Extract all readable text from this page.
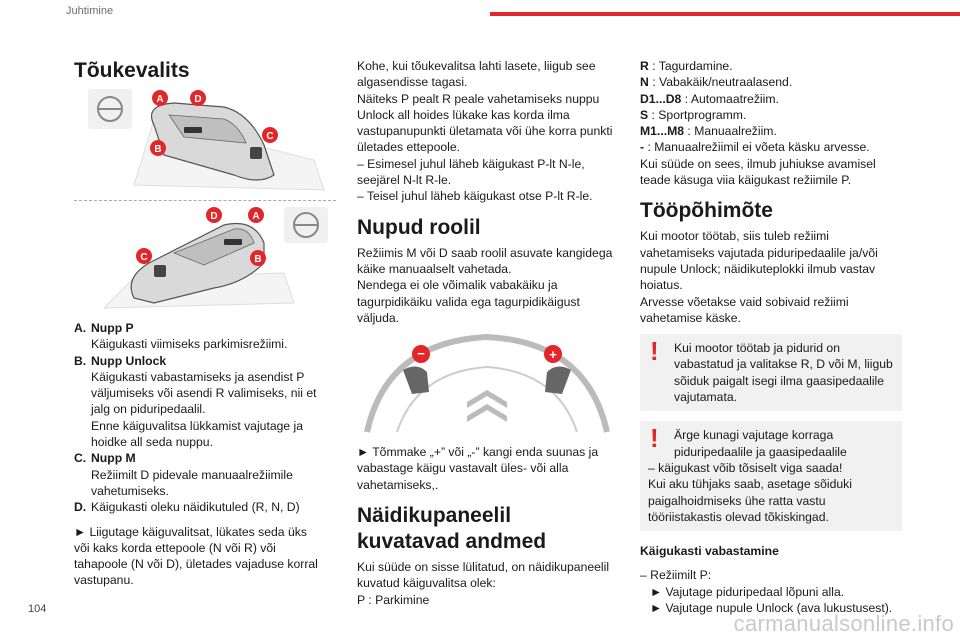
Juhtimine
Tõukevalits
A	D
C
B
D	A
C	B
A. Nupp P
Käigukasti viimiseks parkimisrežiimi.
B. Nupp Unlock
Käigukasti vabastamiseks ja asendist P väljumiseks või asendi R valimiseks, nii et jalg on piduripedaalil.
Enne käiguvalitsa lükkamist vajutage ja hoidke all seda nuppu.
C. Nupp M
Režiimilt D pidevale manuaalrežiimile vahetumiseks.
D. Käigukasti oleku näidikutuled (R, N, D)

► Liigutage käiguvalitsat, lükates seda üks või kaks korda ettepoole (N või R) või tahapoole (N või D), ületades vajaduse korral vastupanu.

Kohe, kui tõukevalitsa lahti lasete, liigub see algasendisse tagasi.

Näiteks P pealt R peale vahetamiseks nuppu Unlock all hoides lükake kas korda ilma vastupanupunkti ületamata või ühe korra punkti ületades ettepoole.

– Esimesel juhul läheb käigukast P-lt N-le, seejärel N-lt R-le.

– Teisel juhul läheb käigukast otse P-lt R-le.

Nupud roolil

Režiimis M või D saab roolil asuvate kangidega käike manuaalselt vahetada.

Nendega ei ole võimalik vabakäiku ja tagurpidikäiku valida ega tagurpidikäigust väljuda.

−	+

► Tõmmake „+” või „-” kangi enda suunas ja vabastage käigu vastavalt üles- või alla vahetamiseks,.

Näidikupaneelil kuvatavad andmed

Kui süüde on sisse lülitatud, on näidikupaneelil kuvatud käiguvalitsa olek:

P : Parkimine

R : Tagurdamine.
N : Vabakäik/neutraalasend.
D1...D8 : Automaatrežiim.
S : Sportprogramm.
M1...M8 : Manuaalrežiim.
- : Manuaalrežiimil ei võeta käsku arvesse.

Kui süüde on sees, ilmub juhiukse avamisel teade käsuga viia käigukast režiimile P.

Tööpõhimõte

Kui mootor töötab, siis tuleb režiimi vahetamiseks vajutada piduripedaalile ja/või nupule Unlock; näidikuteplokki ilmub vastav hoiatus.

Arvesse võetakse vaid sobivaid režiimi vahetamise käske.

!	Kui mootor töötab ja pidurid on vabastatud ja valitakse R, D või M, liigub sõiduk paigalt isegi ilma gaasipedaalile vajutamata.
!	Ärge kunagi vajutage korraga piduripedaalile ja gaasipedaalile
– käigukast võib tõsiselt viga saada!
Kui aku tühjaks saab, asetage sõiduki paigalhoidmiseks ühe ratta vastu tööriistakastis olevad tõkiskingad.
Käigukasti vabastamine
– Režiimilt P:
► Vajutage piduripedaal lõpuni alla.
► Vajutage nupule Unlock (ava lukustusest).
104
carmanualsonline.info
